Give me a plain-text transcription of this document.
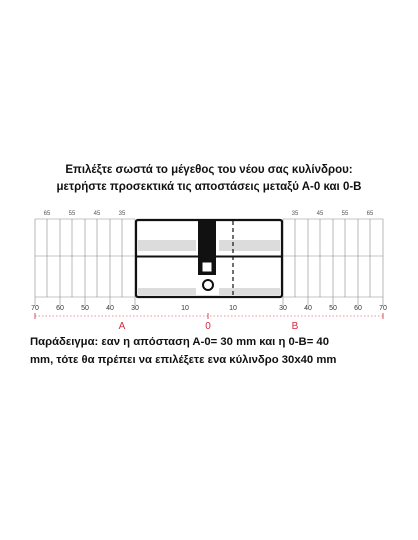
Επιλέξτε σωστά το μέγεθος του νέου σας κυλίνδρου:
μετρήστε προσεκτικά τις αποστάσεις μεταξύ Α-0 και 0-Β
65	55	45	35	35	45	55	65
70 60 50 40 30	10	10	30 40 50 60 70
A	0	B
Παράδειγμα: εαν η απόσταση Α-0= 30 mm και η 0-Β= 40
mm, τότε θα πρέπει να επιλέξετε ενα κύλινδρο 30x40 mm
